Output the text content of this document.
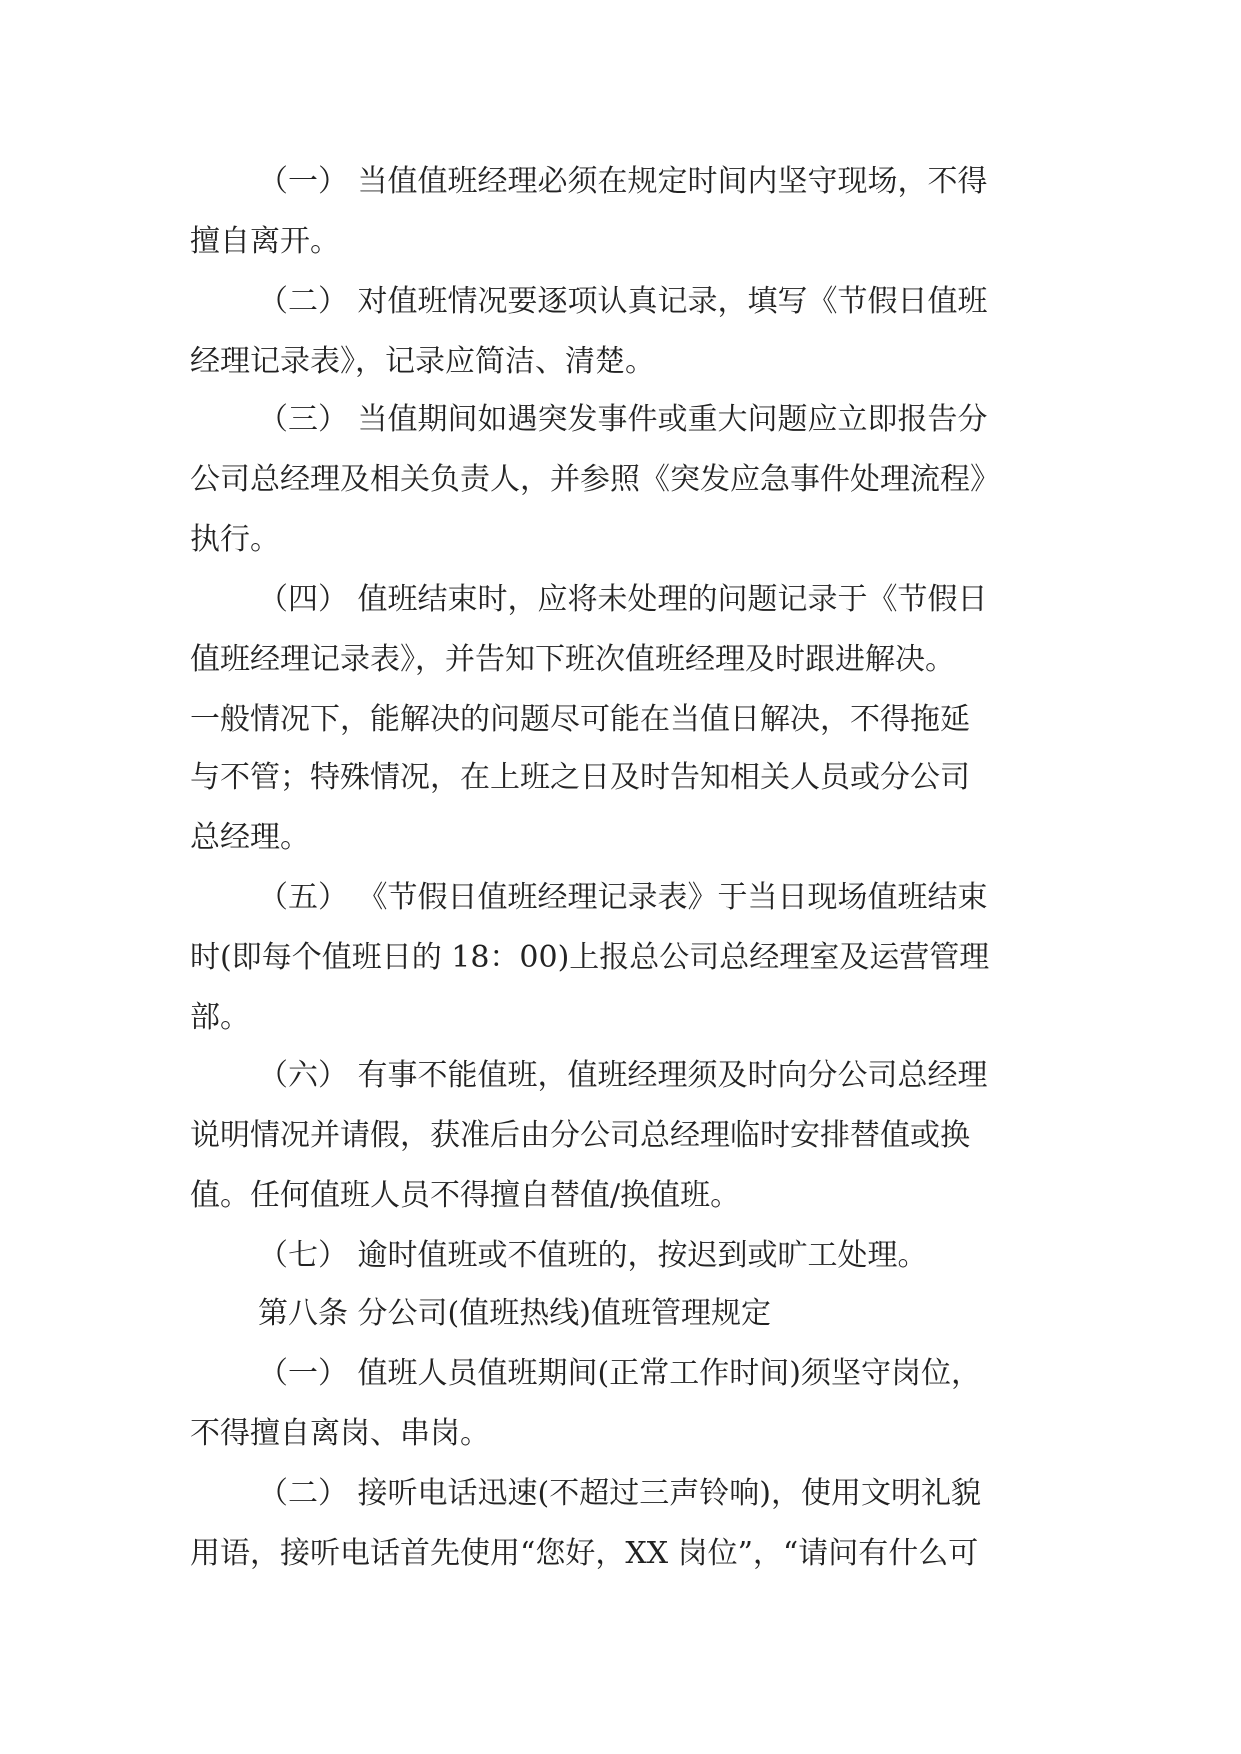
（一） 当值值班经理必须在规定时间内坚守现场，不得

擅自离开。

（二） 对值班情况要逐项认真记录，填写《节假日值班

经理记录表》，记录应简洁、清楚。

（三） 当值期间如遇突发事件或重大问题应立即报告分

公司总经理及相关负责人，并参照《突发应急事件处理流程》

执行。

（四） 值班结束时，应将未处理的问题记录于《节假日

值班经理记录表》，并告知下班次值班经理及时跟进解决。

一般情况下，能解决的问题尽可能在当值日解决，不得拖延

与不管；特殊情况，在上班之日及时告知相关人员或分公司

总经理。

（五） 《节假日值班经理记录表》于当日现场值班结束

时(即每个值班日的 18：00)上报总公司总经理室及运营管理

部。

（六） 有事不能值班，值班经理须及时向分公司总经理

说明情况并请假，获准后由分公司总经理临时安排替值或换

值。任何值班人员不得擅自替值/换值班。

（七） 逾时值班或不值班的，按迟到或旷工处理。

第八条 分公司(值班热线)值班管理规定

（一） 值班人员值班期间(正常工作时间)须坚守岗位，

不得擅自离岗、串岗。

（二） 接听电话迅速(不超过三声铃响)，使用文明礼貌

用语，接听电话首先使用“您好，XX 岗位”，“请问有什么可
